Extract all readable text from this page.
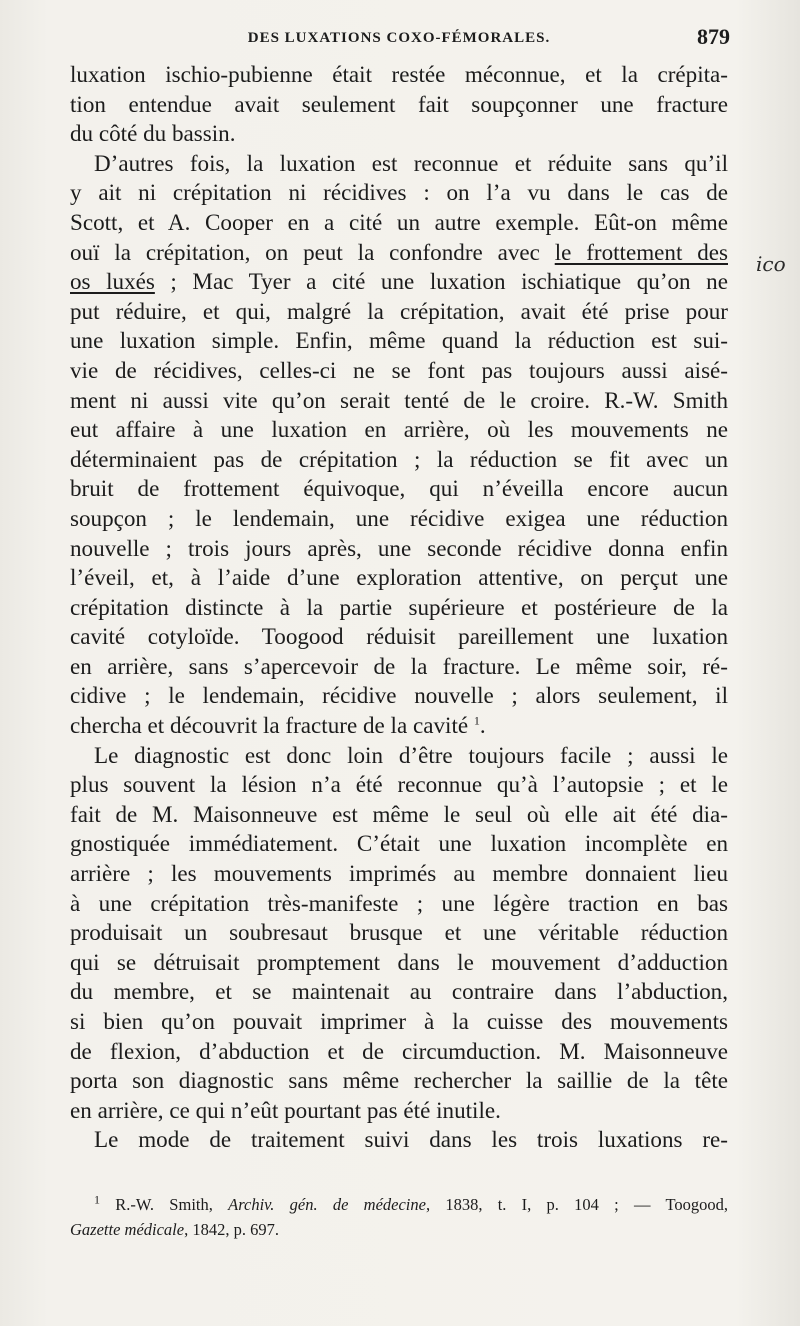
DES LUXATIONS COXO-FÉMORALES.	879
luxation ischio-pubienne était restée méconnue, et la crépita-
tion entendue avait seulement fait soupçonner une fracture
du côté du bassin.
D’autres fois, la luxation est reconnue et réduite sans qu’il
y ait ni crépitation ni récidives : on l’a vu dans le cas de
Scott, et A. Cooper en a cité un autre exemple. Eût-on même
ouï la crépitation, on peut la confondre avec le frottement des
os luxés ; Mac Tyer a cité une luxation ischiatique qu’on ne
put réduire, et qui, malgré la crépitation, avait été prise pour
une luxation simple. Enfin, même quand la réduction est sui-
vie de récidives, celles-ci ne se font pas toujours aussi aisé-
ment ni aussi vite qu’on serait tenté de le croire. R.-W. Smith
eut affaire à une luxation en arrière, où les mouvements ne
déterminaient pas de crépitation ; la réduction se fit avec un
bruit de frottement équivoque, qui n’éveilla encore aucun
soupçon ; le lendemain, une récidive exigea une réduction
nouvelle ; trois jours après, une seconde récidive donna enfin
l’éveil, et, à l’aide d’une exploration attentive, on perçut une
crépitation distincte à la partie supérieure et postérieure de la
cavité cotyloïde. Toogood réduisit pareillement une luxation
en arrière, sans s’apercevoir de la fracture. Le même soir, ré-
cidive ; le lendemain, récidive nouvelle ; alors seulement, il
chercha et découvrit la fracture de la cavité $^1$.
Le diagnostic est donc loin d’être toujours facile ; aussi le
plus souvent la lésion n’a été reconnue qu’à l’autopsie ; et le
fait de M. Maisonneuve est même le seul où elle ait été dia-
gnostiquée immédiatement. C’était une luxation incomplète en
arrière ; les mouvements imprimés au membre donnaient lieu
à une crépitation très-manifeste ; une légère traction en bas
produisait un soubresaut brusque et une véritable réduction
qui se détruisait promptement dans le mouvement d’adduction
du membre, et se maintenait au contraire dans l’abduction,
si bien qu’on pouvait imprimer à la cuisse des mouvements
de flexion, d’abduction et de circumduction. M. Maisonneuve
porta son diagnostic sans même rechercher la saillie de la tête
en arrière, ce qui n’eût pourtant pas été inutile.
Le mode de traitement suivi dans les trois luxations re-
$^1$ R.-W. Smith, Archiv. gén. de médecine, 1838, t. I, p. 104 ; — Toogood,
Gazette médicale, 1842, p. 697.
ico
